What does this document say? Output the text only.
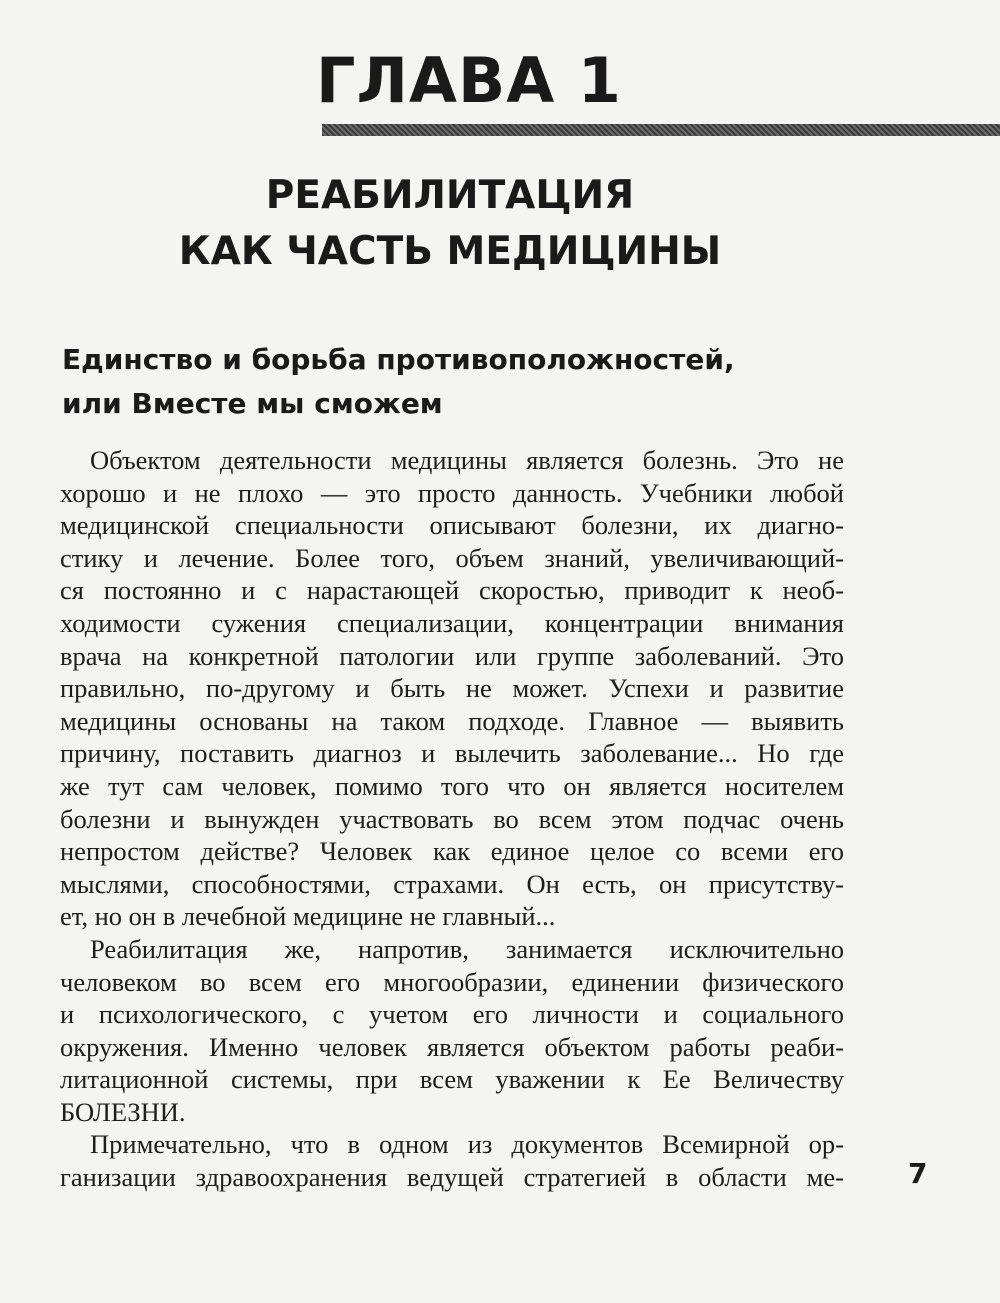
ГЛАВА 1
РЕАБИЛИТАЦИЯ
КАК ЧАСТЬ МЕДИЦИНЫ
Единство и борьба противоположностей,
или Вместе мы сможем
Объектом деятельности медицины является болезнь. Это не
хорошо и не плохо — это просто данность. Учебники любой
медицинской специальности описывают болезни, их диагно-
стику и лечение. Более того, объем знаний, увеличивающий-
ся постоянно и с нарастающей скоростью, приводит к необ-
ходимости сужения специализации, концентрации внимания
врача на конкретной патологии или группе заболеваний. Это
правильно, по-другому и быть не может. Успехи и развитие
медицины основаны на таком подходе. Главное — выявить
причину, поставить диагноз и вылечить заболевание... Но где
же тут сам человек, помимо того что он является носителем
болезни и вынужден участвовать во всем этом подчас очень
непростом действе? Человек как единое целое со всеми его
мыслями, способностями, страхами. Он есть, он присутству-
ет, но он в лечебной медицине не главный...
Реабилитация же, напротив, занимается исключительно
человеком во всем его многообразии, единении физического
и психологического, с учетом его личности и социального
окружения. Именно человек является объектом работы реаби-
литационной системы, при всем уважении к Ее Величеству
БОЛЕЗНИ.
Примечательно, что в одном из документов Всемирной ор-
ганизации здравоохранения ведущей стратегией в области ме- 7
